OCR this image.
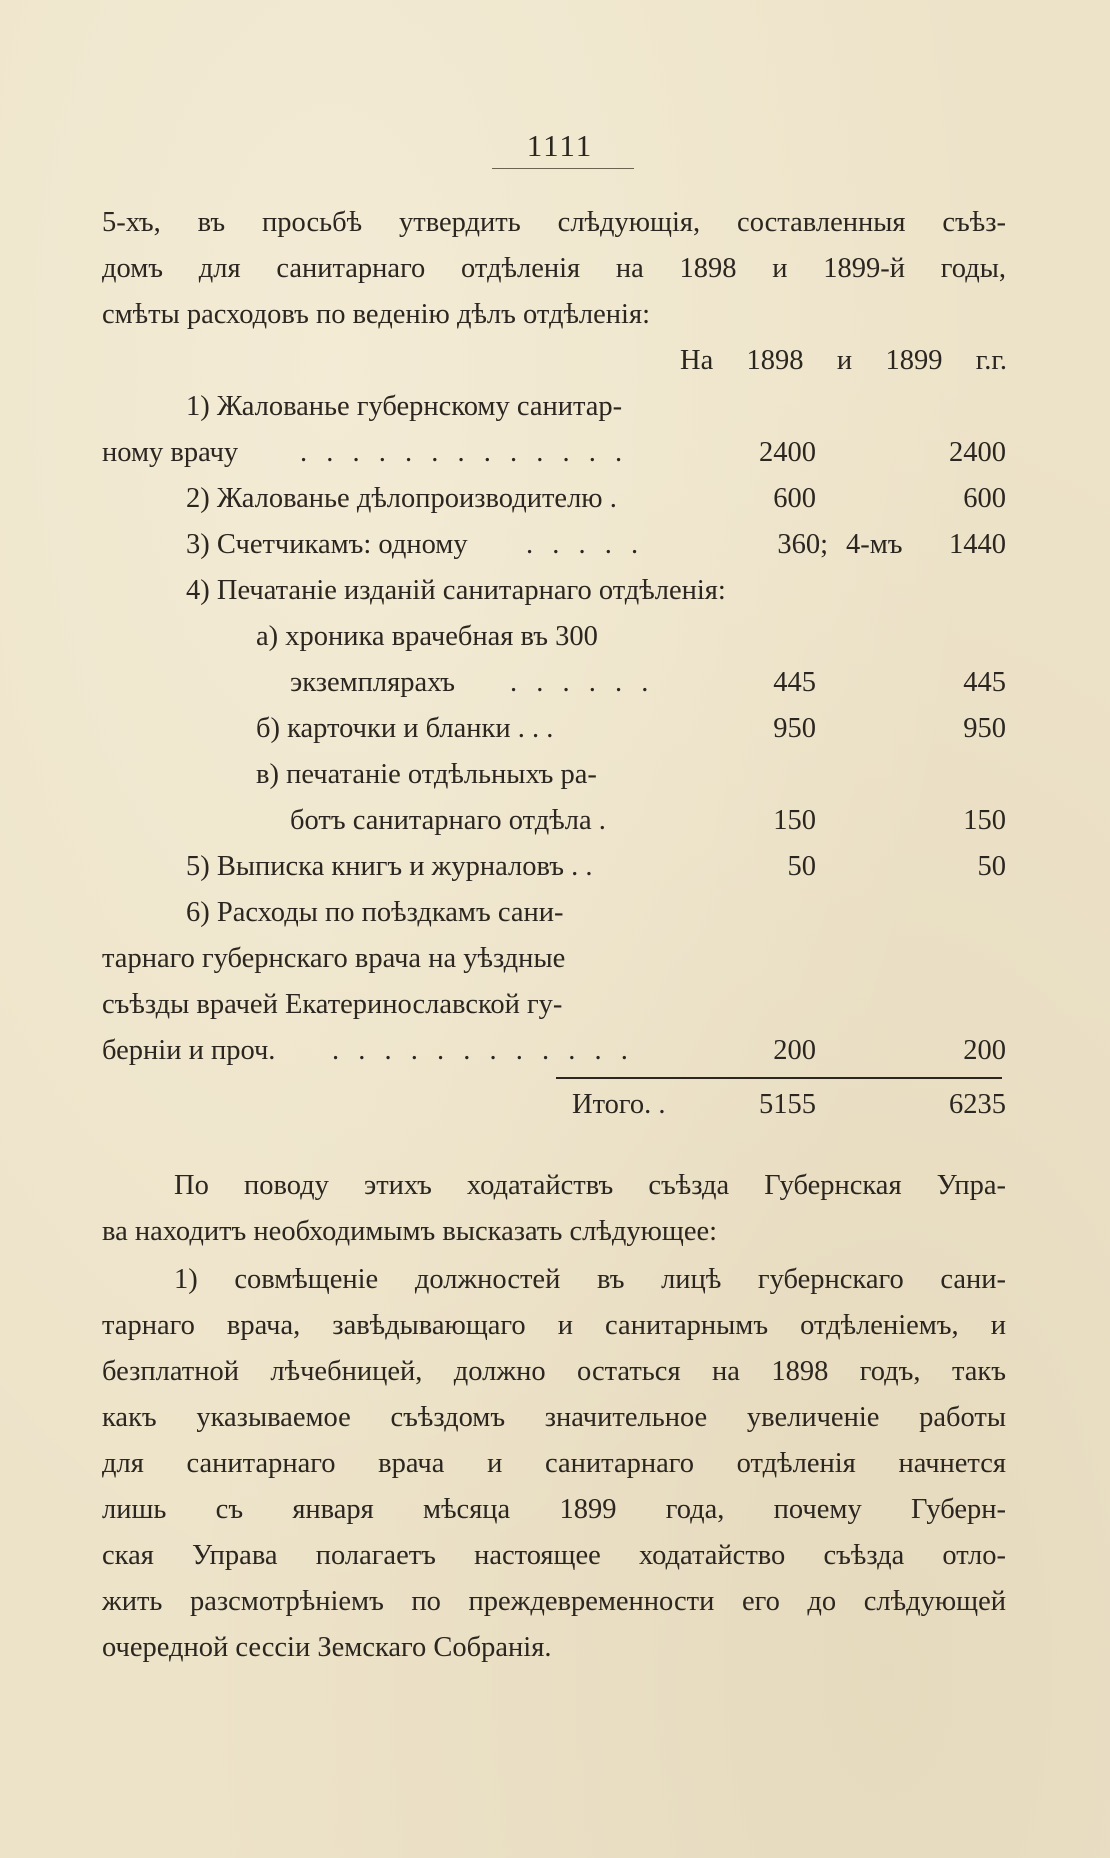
1111
5-хъ, въ просьбѣ утвердить слѣдующія, составленныя съѣз-
домъ для санитарнаго отдѣленія на 1898 и 1899-й годы,
смѣты расходовъ по веденію дѣлъ отдѣленія:
На 1898 и 1899 г.г.
1) Жалованье губернскому санитар-
ному врачу . . . . . . . . . . . . .	2400	2400
2) Жалованье дѣлопроизводителю .	600	600
3) Счетчикамъ: одному . . . . .	360; 4-мъ	1440
4) Печатаніе изданій санитарнаго отдѣленія:
а) хроника врачебная въ 300
экземплярахъ . . . . . .	445	445
б) карточки и бланки . . .	950	950
в) печатаніе отдѣльныхъ ра-
ботъ санитарнаго отдѣла .	150	150
5) Выписка книгъ и журналовъ . .	50	50
6) Расходы по поѣздкамъ сани-
тарнаго губернскаго врача на уѣздные
съѣзды врачей Екатеринославской гу-
берніи и проч. . . . . . . . . . . . .	200	200
Итого. .	5155	6235
По поводу этихъ ходатайствъ съѣзда Губернская Упра-
ва находитъ необходимымъ высказать слѣдующее:
1) совмѣщеніе должностей въ лицѣ губернскаго сани-
тарнаго врача, завѣдывающаго и санитарнымъ отдѣленіемъ, и
безплатной лѣчебницей, должно остаться на 1898 годъ, такъ
какъ указываемое съѣздомъ значительное увеличеніе работы
для санитарнаго врача и санитарнаго отдѣленія начнется
лишь съ января мѣсяца 1899 года, почему Губерн-
ская Управа полагаетъ настоящее ходатайство съѣзда отло-
жить разсмотрѣніемъ по преждевременности его до слѣдующей
очередной сессіи Земскаго Собранія.
